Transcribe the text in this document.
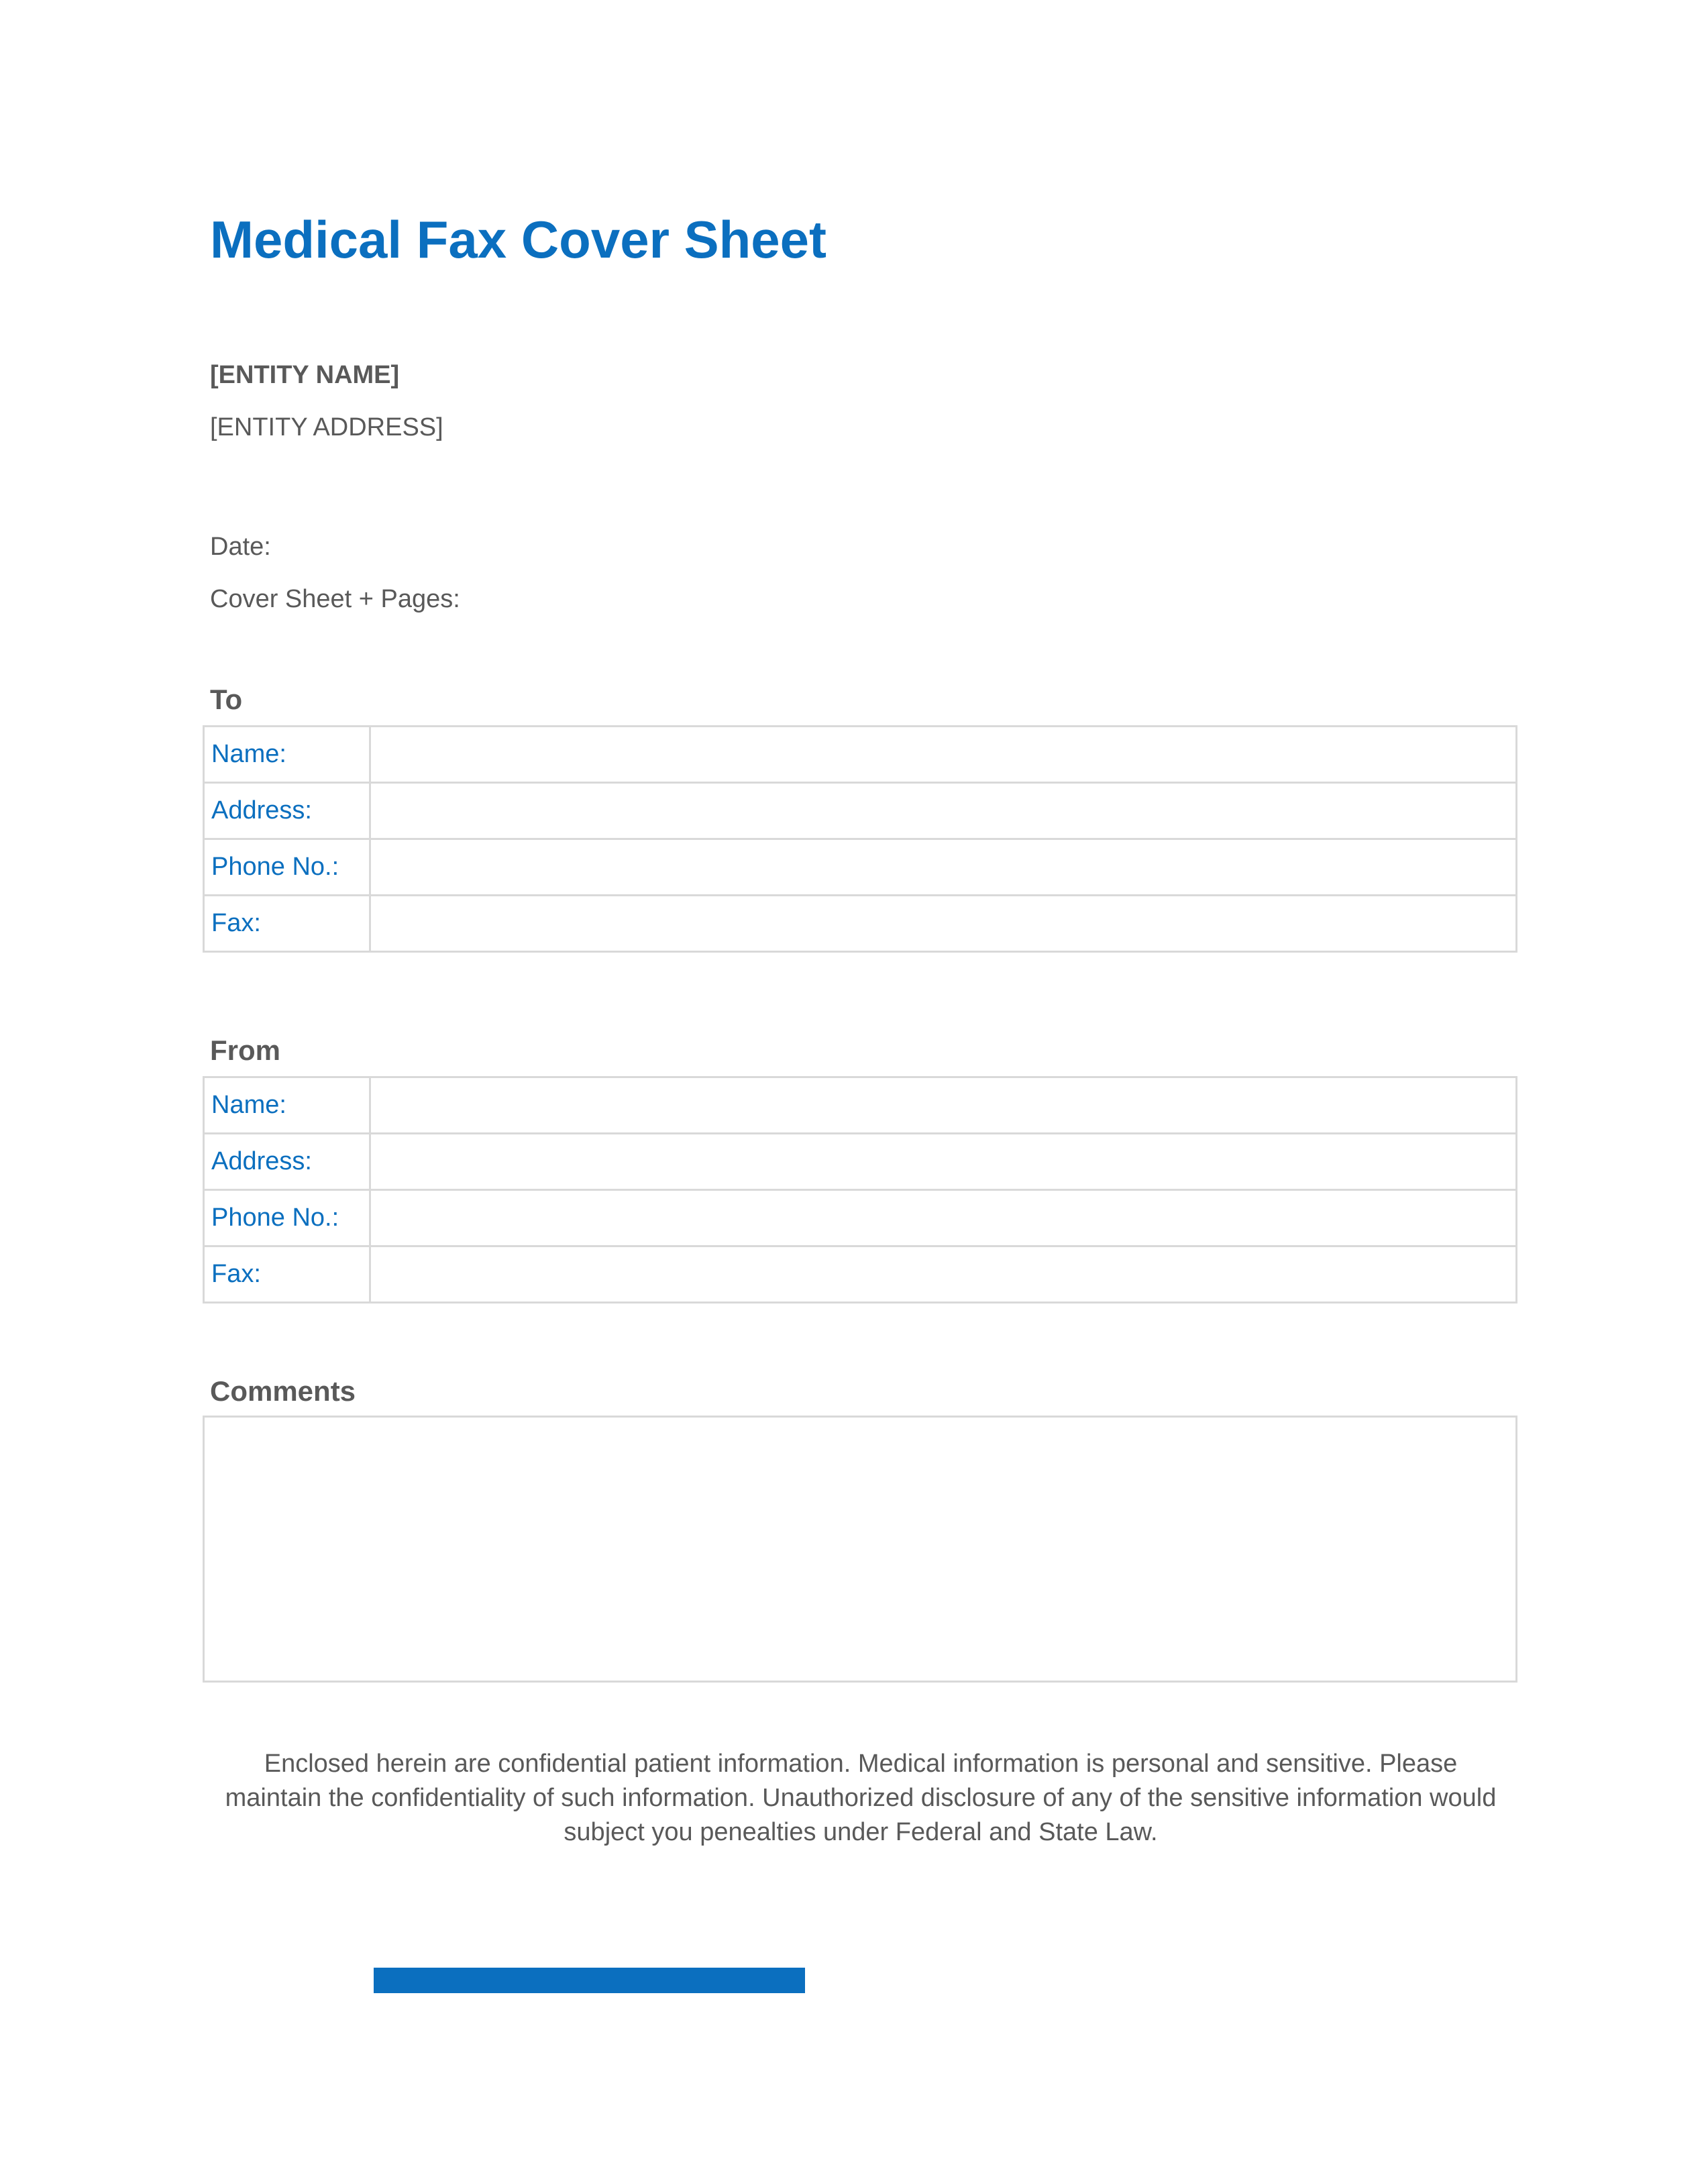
Medical Fax Cover Sheet
[ENTITY NAME]
[ENTITY ADDRESS]
Date:
Cover Sheet + Pages:
To
Name:	
Address:	
Phone No.:	
Fax:	
From
Name:	
Address:	
Phone No.:	
Fax:	
Comments
Enclosed herein are confidential patient information. Medical information is personal and sensitive. Please maintain the confidentiality of such information. Unauthorized disclosure of any of the sensitive information would subject you penealties under Federal and State Law.
